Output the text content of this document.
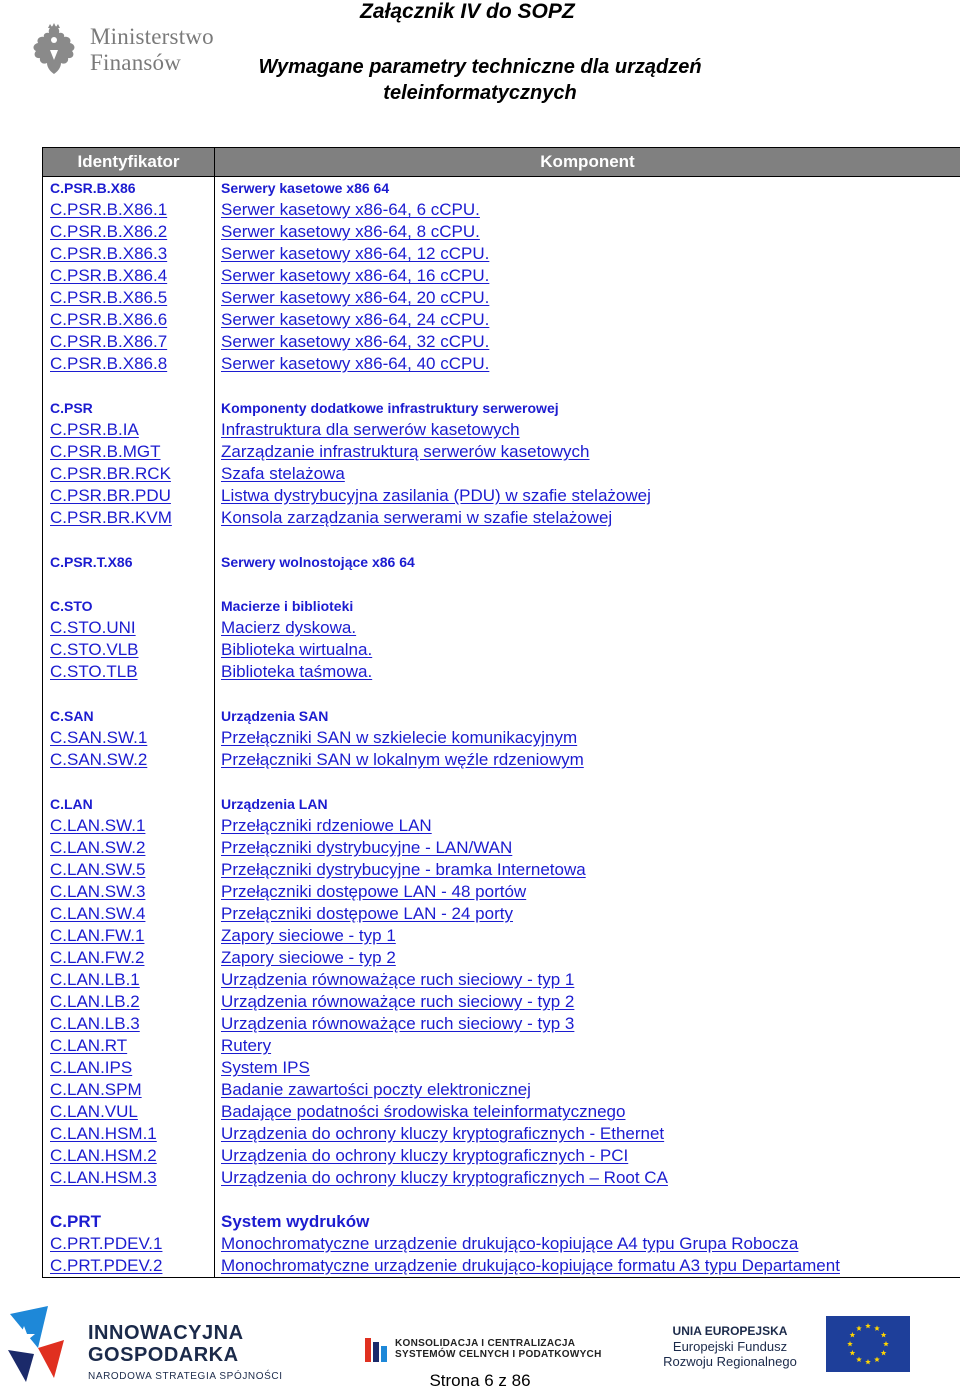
Ministerstwo
Finansów
Załącznik IV do SOPZ
Wymagane parametry techniczne dla urządzeń
teleinformatycznych
Identyfikator	Komponent
C.PSR.B.X86	Serwery kasetowe x86 64
C.PSR.B.X86.1	Serwer kasetowy x86-64, 6 cCPU.
C.PSR.B.X86.2	Serwer kasetowy x86-64, 8 cCPU.
C.PSR.B.X86.3	Serwer kasetowy x86-64, 12 cCPU.
C.PSR.B.X86.4	Serwer kasetowy x86-64, 16 cCPU.
C.PSR.B.X86.5	Serwer kasetowy x86-64, 20 cCPU.
C.PSR.B.X86.6	Serwer kasetowy x86-64, 24 cCPU.
C.PSR.B.X86.7	Serwer kasetowy x86-64, 32 cCPU.
C.PSR.B.X86.8	Serwer kasetowy x86-64, 40 cCPU.

C.PSR	Komponenty dodatkowe infrastruktury serwerowej
C.PSR.B.IA	Infrastruktura dla serwerów kasetowych
C.PSR.B.MGT	Zarządzanie infrastrukturą serwerów kasetowych
C.PSR.BR.RCK	Szafa stelażowa
C.PSR.BR.PDU	Listwa dystrybucyjna zasilania (PDU) w szafie stelażowej
C.PSR.BR.KVM	Konsola zarządzania serwerami w szafie stelażowej

C.PSR.T.X86	Serwery wolnostojące x86 64

C.STO	Macierze i biblioteki
C.STO.UNI	Macierz dyskowa.
C.STO.VLB	Biblioteka wirtualna.
C.STO.TLB	Biblioteka taśmowa.

C.SAN	Urządzenia SAN
C.SAN.SW.1	Przełączniki SAN w szkielecie komunikacyjnym
C.SAN.SW.2	Przełączniki SAN w lokalnym węźle rdzeniowym

C.LAN	Urządzenia LAN
C.LAN.SW.1	Przełączniki rdzeniowe LAN
C.LAN.SW.2	Przełączniki dystrybucyjne - LAN/WAN
C.LAN.SW.5	Przełączniki dystrybucyjne - bramka Internetowa
C.LAN.SW.3	Przełączniki dostępowe LAN - 48 portów
C.LAN.SW.4	Przełączniki dostępowe LAN - 24 porty
C.LAN.FW.1	Zapory sieciowe - typ 1
C.LAN.FW.2	Zapory sieciowe - typ 2
C.LAN.LB.1	Urządzenia równoważące ruch sieciowy - typ 1
C.LAN.LB.2	Urządzenia równoważące ruch sieciowy - typ 2
C.LAN.LB.3	Urządzenia równoważące ruch sieciowy - typ 3
C.LAN.RT	Rutery
C.LAN.IPS	System IPS
C.LAN.SPM	Badanie zawartości poczty elektronicznej
C.LAN.VUL	Badające podatności środowiska teleinformatycznego
C.LAN.HSM.1	Urządzenia do ochrony kluczy kryptograficznych - Ethernet
C.LAN.HSM.2	Urządzenia do ochrony kluczy kryptograficznych - PCI
C.LAN.HSM.3	Urządzenia do ochrony kluczy kryptograficznych – Root CA

C.PRT	System wydruków
C.PRT.PDEV.1	Monochromatyczne urządzenie drukująco-kopiujące A4 typu Grupa Robocza
C.PRT.PDEV.2	Monochromatyczne urządzenie drukująco-kopiujące formatu A3 typu Departament
INNOWACYJNA
GOSPODARKA
NARODOWA STRATEGIA SPÓJNOŚCI
KONSOLIDACJA I CENTRALIZACJA
SYSTEMÓW CELNYCH I PODATKOWYCH
UNIA EUROPEJSKA
Europejski Fundusz
Rozwoju Regionalnego
Strona 6 z 86
